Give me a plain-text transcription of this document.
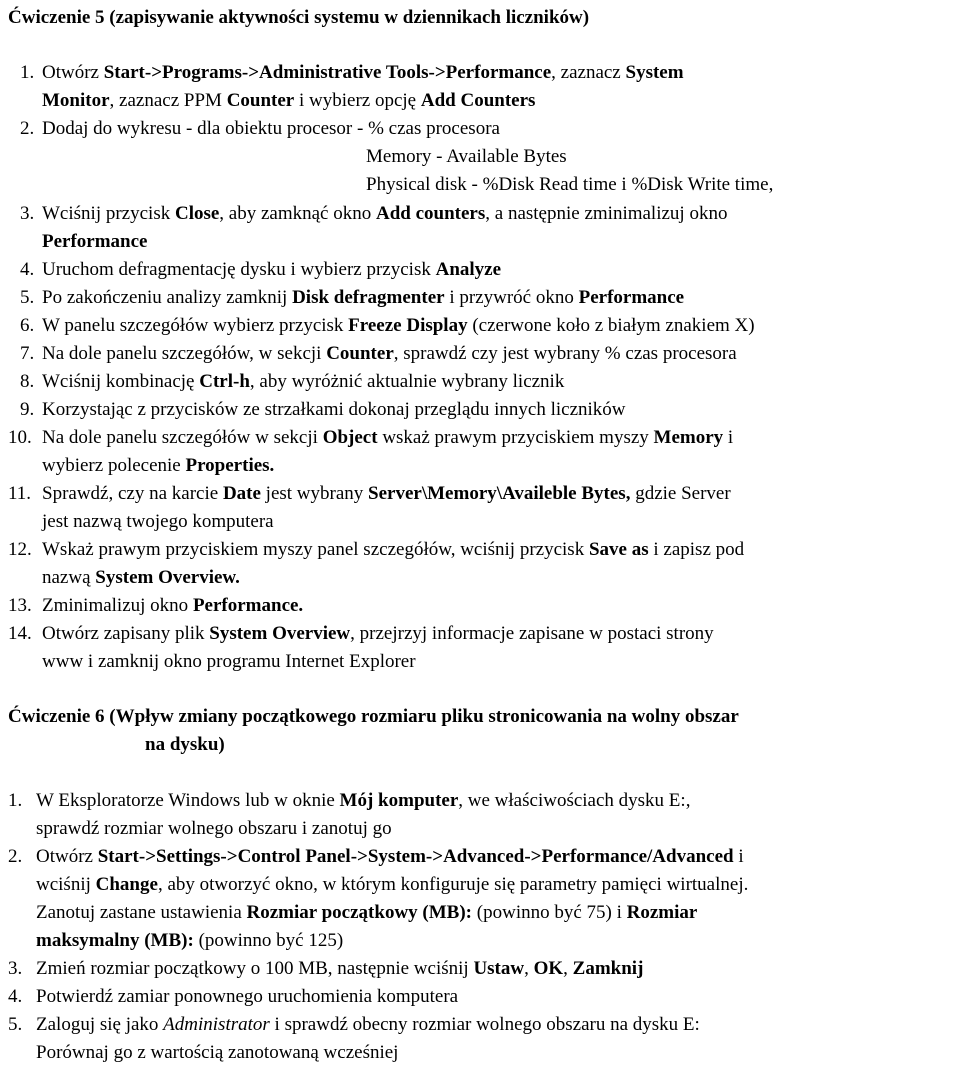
Ćwiczenie 5 (zapisywanie aktywności systemu w dziennikach liczników)
1. Otwórz Start->Programs->Administrative Tools->Performance, zaznacz System
Monitor, zaznacz PPM Counter i wybierz opcję Add Counters
2. Dodaj do wykresu - dla obiektu procesor - % czas procesora
Memory - Available Bytes
Physical disk - %Disk Read time i %Disk Write time,
3. Wciśnij przycisk Close, aby zamknąć okno Add counters, a następnie zminimalizuj okno
Performance
4. Uruchom defragmentację dysku i wybierz przycisk Analyze
5. Po zakończeniu analizy zamknij Disk defragmenter i przywróć okno Performance
6. W panelu szczegółów wybierz przycisk Freeze Display (czerwone koło z białym znakiem X)
7. Na dole panelu szczegółów, w sekcji Counter, sprawdź czy jest wybrany % czas procesora
8. Wciśnij kombinację Ctrl-h, aby wyróżnić aktualnie wybrany licznik
9. Korzystając z przycisków ze strzałkami dokonaj przeglądu innych liczników
10. Na dole panelu szczegółów w sekcji Object wskaż prawym przyciskiem myszy Memory i
wybierz polecenie Properties.
11. Sprawdź, czy na karcie Date jest wybrany Server\Memory\Availeble Bytes, gdzie Server
jest nazwą twojego komputera
12. Wskaż prawym przyciskiem myszy panel szczegółów, wciśnij przycisk Save as i zapisz pod
nazwą System Overview.
13. Zminimalizuj okno Performance.
14. Otwórz zapisany plik System Overview, przejrzyj informacje zapisane w postaci strony
www i zamknij okno programu Internet Explorer
Ćwiczenie 6 (Wpływ zmiany początkowego rozmiaru pliku stronicowania na wolny obszar
na dysku)
1. W Eksploratorze Windows lub w oknie Mój komputer, we właściwościach dysku E:,
sprawdź rozmiar wolnego obszaru i zanotuj go
2. Otwórz Start->Settings->Control Panel->System->Advanced->Performance/Advanced i
wciśnij Change, aby otworzyć okno, w którym konfiguruje się parametry pamięci wirtualnej.
Zanotuj zastane ustawienia Rozmiar początkowy (MB): (powinno być 75) i Rozmiar
maksymalny (MB): (powinno być 125)
3. Zmień rozmiar początkowy o 100 MB, następnie wciśnij Ustaw, OK, Zamknij
4. Potwierdź zamiar ponownego uruchomienia komputera
5. Zaloguj się jako Administrator i sprawdź obecny rozmiar wolnego obszaru na dysku E:
Porównaj go z wartością zanotowaną wcześniej
